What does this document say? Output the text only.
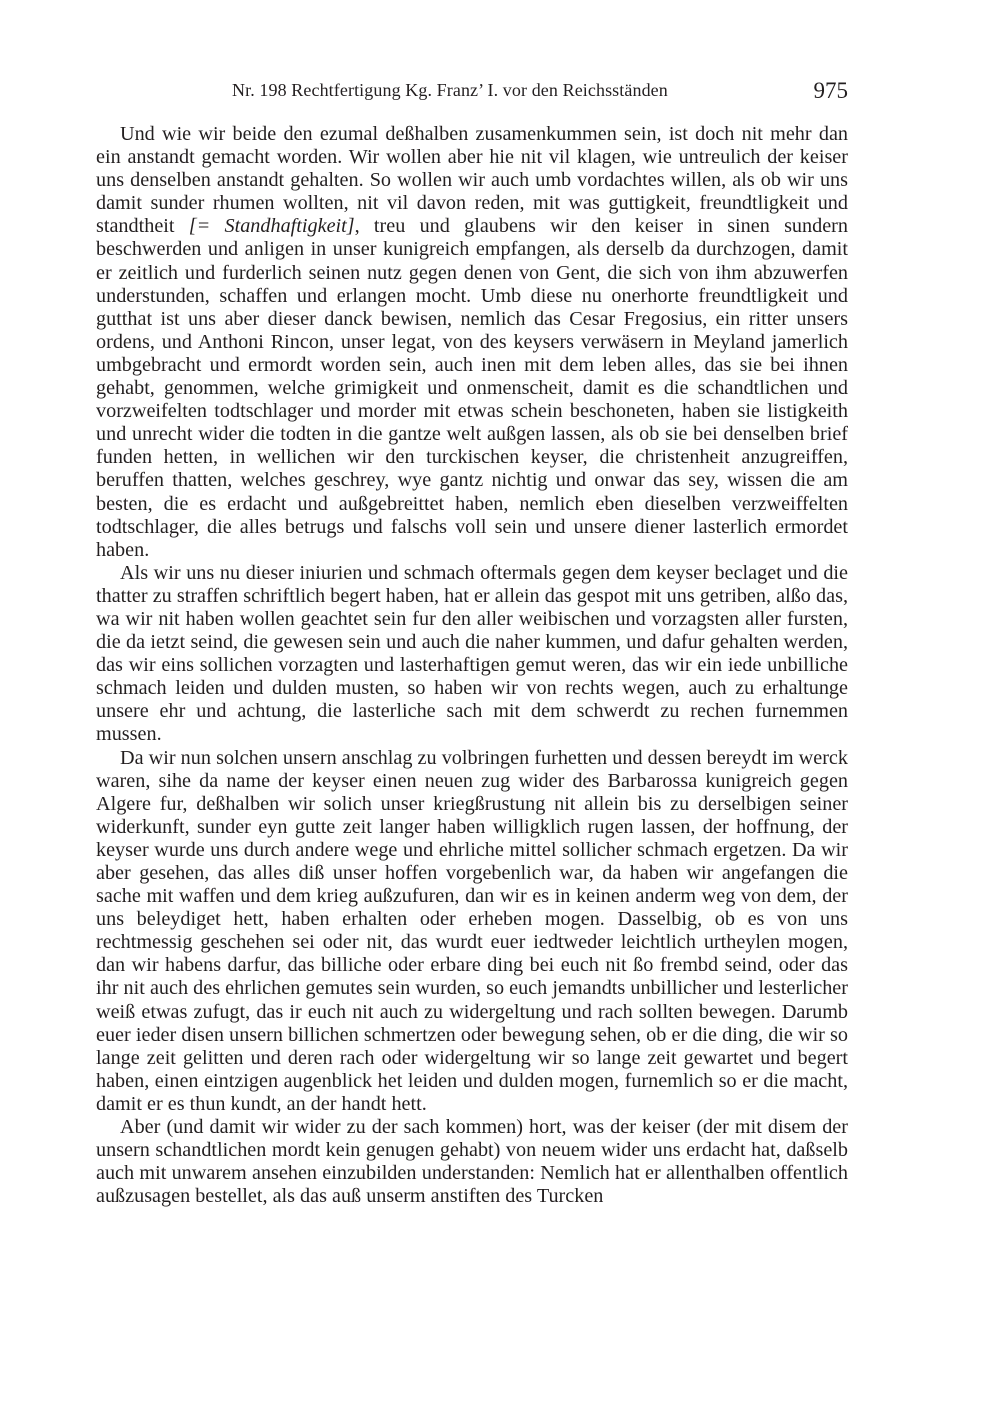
Nr. 198 Rechtfertigung Kg. Franz’ I. vor den Reichsständen	975

Und wie wir beide den ezumal deßhalben zusamenkummen sein, ist doch nit mehr dan ein anstandt gemacht worden. Wir wollen aber hie nit vil klagen, wie untreulich der keiser uns denselben anstandt gehalten. So wollen wir auch umb vordachtes willen, als ob wir uns damit sunder rhumen wollten, nit vil davon reden, mit was guttigkeit, freundtligkeit und standtheit [= Standhaftigkeit], treu und glaubens wir den keiser in sinen sundern beschwerden und anligen in unser kunigreich empfangen, als derselb da durchzogen, damit er zeitlich und furderlich seinen nutz gegen denen von Gent, die sich von ihm abzuwerfen understunden, schaffen und erlangen mocht. Umb diese nu onerhorte freundtligkeit und gutthat ist uns aber dieser danck bewisen, nemlich das Cesar Fregosius, ein ritter unsers ordens, und Anthoni Rincon, unser legat, von des keysers verwäsern in Meyland jamerlich umbgebracht und ermordt worden sein, auch inen mit dem leben alles, das sie bei ihnen gehabt, genommen, welche grimigkeit und onmenscheit, damit es die schandtlichen und vorzweifelten todtschlager und morder mit etwas schein beschoneten, haben sie listigkeith und unrecht wider die todten in die gantze welt außgen lassen, als ob sie bei denselben brief funden hetten, in wellichen wir den turckischen keyser, die christenheit anzugreiffen, beruffen thatten, welches geschrey, wye gantz nichtig und onwar das sey, wissen die am besten, die es erdacht und außgebreittet haben, nemlich eben dieselben verzweiffelten todtschlager, die alles betrugs und falschs voll sein und unsere diener lasterlich ermordet haben.

Als wir uns nu dieser iniurien und schmach oftermals gegen dem keyser beclaget und die thatter zu straffen schriftlich begert haben, hat er allein das gespot mit uns getriben, alßo das, wa wir nit haben wollen geachtet sein fur den aller weibischen und vorzagsten aller fursten, die da ietzt seind, die gewesen sein und auch die naher kummen, und dafur gehalten werden, das wir eins sollichen vorzagten und lasterhaftigen gemut weren, das wir ein iede unbilliche schmach leiden und dulden musten, so haben wir von rechts wegen, auch zu erhaltunge unsere ehr und achtung, die lasterliche sach mit dem schwerdt zu rechen furnemmen mussen.

Da wir nun solchen unsern anschlag zu volbringen furhetten und dessen bereydt im werck waren, sihe da name der keyser einen neuen zug wider des Barbarossa kunigreich gegen Algere fur, deßhalben wir solich unser kriegßrustung nit allein bis zu derselbigen seiner widerkunft, sunder eyn gutte zeit langer haben willigklich rugen lassen, der hoffnung, der keyser wurde uns durch andere wege und ehrliche mittel sollicher schmach ergetzen. Da wir aber gesehen, das alles diß unser hoffen vorgebenlich war, da haben wir angefangen die sache mit waffen und dem krieg außzufuren, dan wir es in keinen anderm weg von dem, der uns beleydiget hett, haben erhalten oder erheben mogen. Dasselbig, ob es von uns rechtmessig geschehen sei oder nit, das wurdt euer iedtweder leichtlich urtheylen mogen, dan wir habens darfur, das billiche oder erbare ding bei euch nit ßo frembd seind, oder das ihr nit auch des ehrlichen gemutes sein wurden, so euch jemandts unbillicher und lesterlicher weiß etwas zufugt, das ir euch nit auch zu widergeltung und rach sollten bewegen. Darumb euer ieder disen unsern billichen schmertzen oder bewegung sehen, ob er die ding, die wir so lange zeit gelitten und deren rach oder widergeltung wir so lange zeit gewartet und begert haben, einen eintzigen augenblick het leiden und dulden mogen, furnemlich so er die macht, damit er es thun kundt, an der handt hett.

Aber (und damit wir wider zu der sach kommen) hort, was der keiser (der mit disem der unsern schandtlichen mordt kein genugen gehabt) von neuem wider uns erdacht hat, daßselb auch mit unwarem ansehen einzubilden understanden: Nemlich hat er allenthalben offentlich außzusagen bestellet, als das auß unserm anstiften des Turcken
